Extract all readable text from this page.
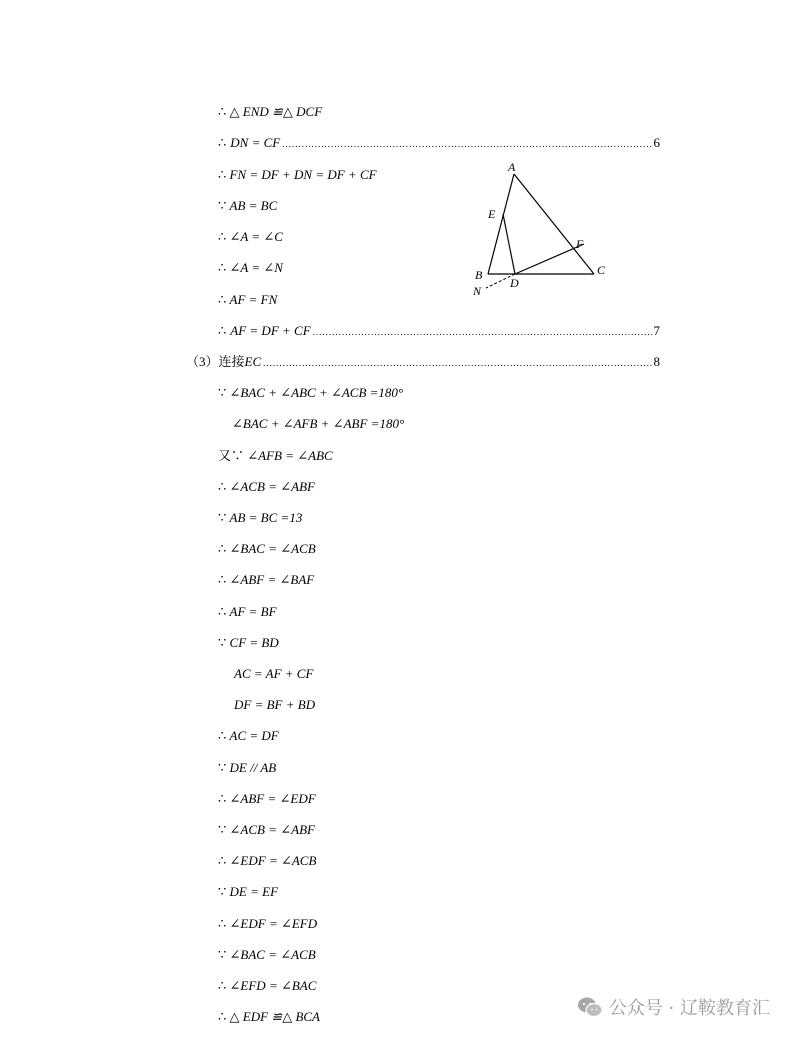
∴ △ END ≌△ DCF
∴ DN = CF .....	6
∴ FN = DF + DN = DF + CF
∵ AB = BC
∴ ∠A = ∠C
∴ ∠A = ∠N
∴ AF = FN
∴ AF = DF + CF .....	7
（3）连接 EC .....	8
∵ ∠BAC + ∠ABC + ∠ACB =180°
∠BAC + ∠AFB + ∠ABF =180°
又∵ ∠AFB = ∠ABC
∴ ∠ACB = ∠ABF
∵ AB = BC =13
∴ ∠BAC = ∠ACB
∴ ∠ABF = ∠BAF
∴ AF = BF
∵ CF = BD
AC = AF + CF
DF = BF + BD
∴ AC = DF
∵ DE // AB
∴ ∠ABF = ∠EDF
∵ ∠ACB = ∠ABF
∴ ∠EDF = ∠ACB
∵ DE = EF
∴ ∠EDF = ∠EFD
∵ ∠BAC = ∠ACB
∴ ∠EFD = ∠BAC
∴ △ EDF ≌△ BCA
A
E
F
B	C
D
N
公众号 · 辽鞍教育汇
